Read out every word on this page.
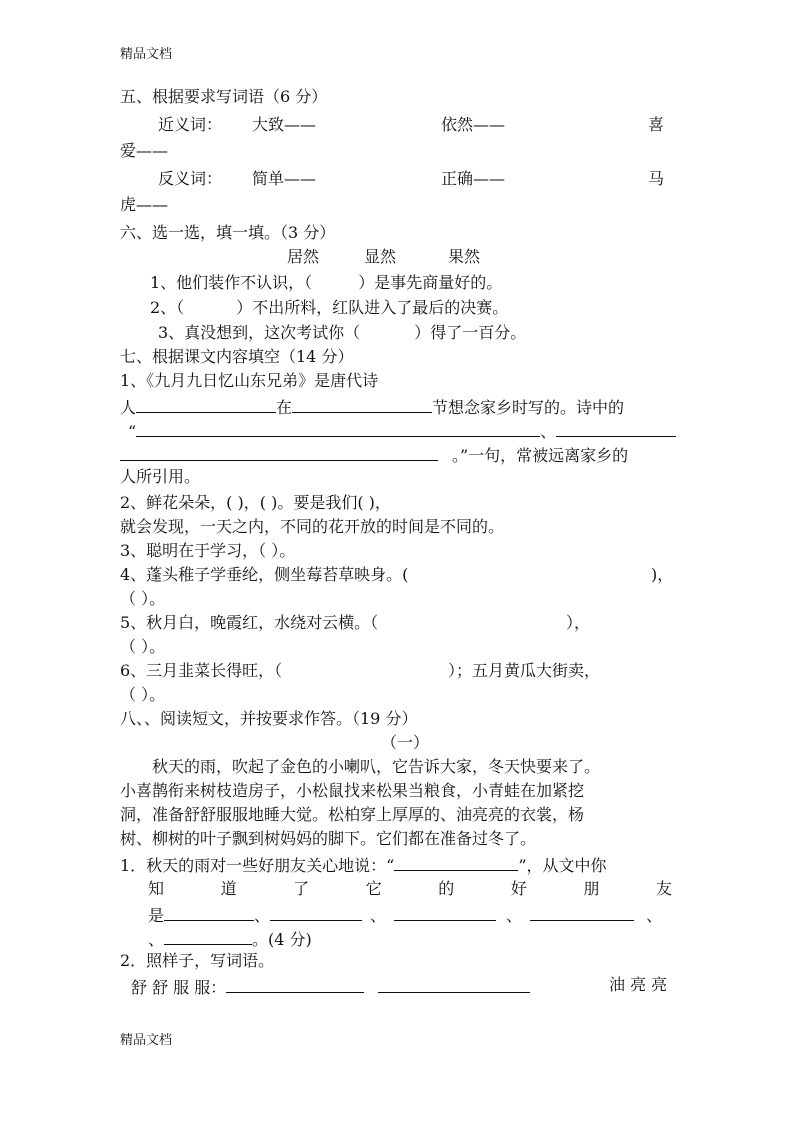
精品文档
五、根据要求写词语（6 分）
近义词： 大致——	依然——	喜
爱——
反义词： 简单——	正确——	马
虎——
六、选一选，填一填。（3 分）
居然	显然	果然
1、他们装作不认识，（	）是事先商量好的。
2、（	）不出所料，红队进入了最后的决赛。
3、真没想到，这次考试你（	）得了一百分。
七、根据课文内容填空（14 分）
1、《九月九日忆山东兄弟》是唐代诗
人	在	节想念家乡时写的。诗中的
“	、
。”一句，常被远离家乡的
人所引用。
2、鲜花朵朵，( )，( )。要是我们( )，
就会发现，一天之内，不同的花开放的时间是不同的。
3、聪明在于学习，（ ）。
4、蓬头稚子学垂纶，侧坐莓苔草映身。(	)，
（ ）。
5、秋月白，晚霞红，水绕对云横。（	），
（ ）。
6、三月韭菜长得旺，（	）；五月黄瓜大街卖，
（ ）。
八、、阅读短文，并按要求作答。（19 分）
（一）
秋天的雨，吹起了金色的小喇叭，它告诉大家，冬天快要来了。
小喜鹊衔来树枝造房子，小松鼠找来松果当粮食，小青蛙在加紧挖
洞，准备舒舒服服地睡大觉。松柏穿上厚厚的、油亮亮的衣裳，杨
树、柳树的叶子飘到树妈妈的脚下。它们都在准备过冬了。
1．秋天的雨对一些好朋友关心地说：“	”，从文中你
知	道	了	它	的	好	朋	友
是	、	、	、	、
、	。(4 分)
2．照样子，写词语。
舒 舒 服 服：	油 亮 亮
精品文档
